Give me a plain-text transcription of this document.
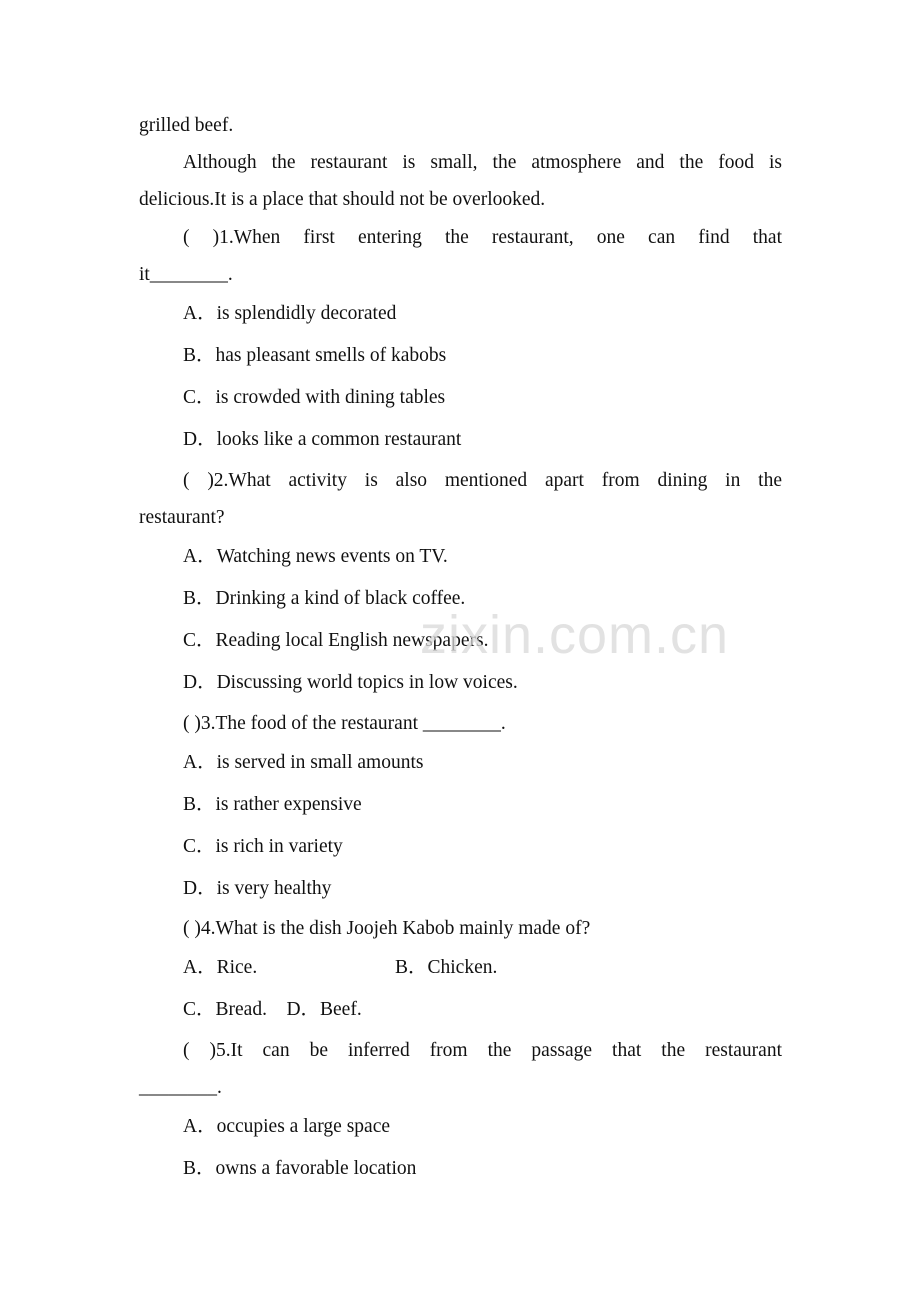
grilled beef.
Although the restaurant is small, the atmosphere and the food is
delicious.It is a place that should not be overlooked.
( )1.When first entering the restaurant, one can find that
it________.
A．is splendidly decorated
B．has pleasant smells of kabobs
C．is crowded with dining tables
D．looks like a common restaurant
( )2.What activity is also mentioned apart from dining in the
restaurant?
A．Watching news events on TV.
B．Drinking a kind of black coffee.
C．Reading local English newspapers.
D．Discussing world topics in low voices.
( )3.The food of the restaurant ________.
A．is served in small amounts
B．is rather expensive
C．is rich in variety
D．is very healthy
( )4.What is the dish Joojeh Kabob mainly made of?
A．Rice.	B．Chicken.
C．Bread.    D．Beef.
( )5.It can be inferred from the passage that the restaurant
________.
A．occupies a large space
B．owns a favorable location
zixin.com.cn
